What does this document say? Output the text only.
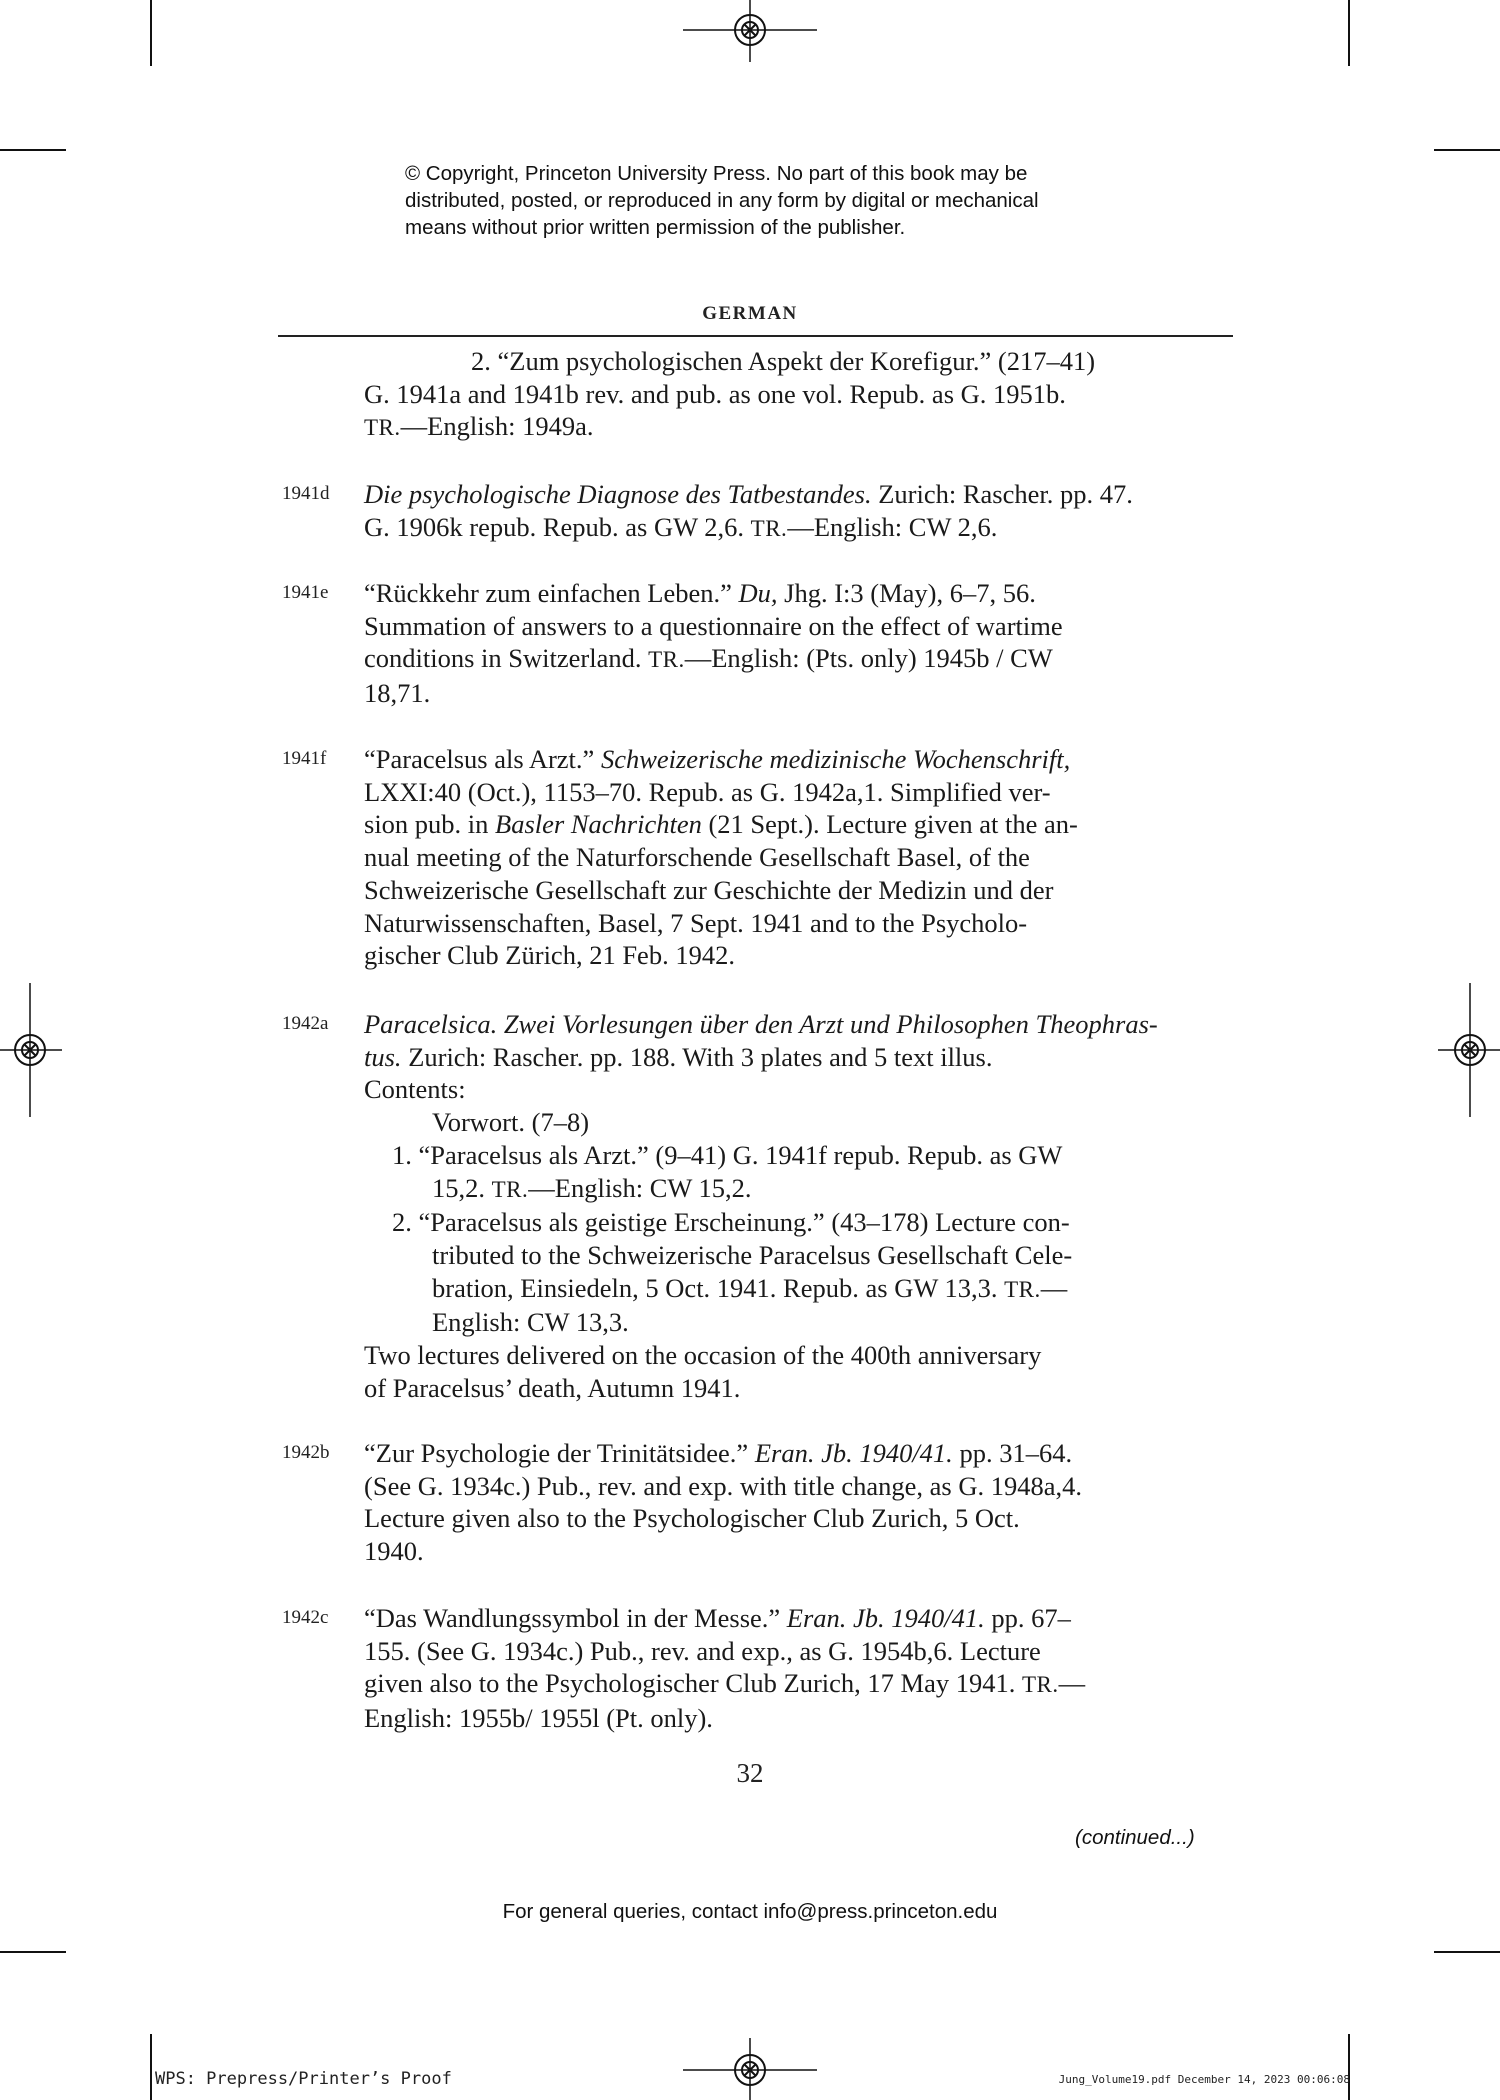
© Copyright, Princeton University Press. No part of this book may be
distributed, posted, or reproduced in any form by digital or mechanical
means without prior written permission of the publisher.
GERMAN
2. “Zum psychologischen Aspekt der Korefigur.” (217–41)
G. 1941a and 1941b rev. and pub. as one vol. Repub. as G. 1951b.
TR.—English: 1949a.
1941d Die psychologische Diagnose des Tatbestandes. Zurich: Rascher. pp. 47.
G. 1906k repub. Repub. as GW 2,6. TR.—English: CW 2,6.
1941e “Rückkehr zum einfachen Leben.” Du, Jhg. I:3 (May), 6–7, 56.
Summation of answers to a questionnaire on the effect of wartime
conditions in Switzerland. TR.—English: (Pts. only) 1945b / CW
18,71.
1941f “Paracelsus als Arzt.” Schweizerische medizinische Wochenschrift,
LXXI:40 (Oct.), 1153–70. Repub. as G. 1942a,1. Simplified ver-
sion pub. in Basler Nachrichten (21 Sept.). Lecture given at the an-
nual meeting of the Naturforschende Gesellschaft Basel, of the
Schweizerische Gesellschaft zur Geschichte der Medizin und der
Naturwissenschaften, Basel, 7 Sept. 1941 and to the Psycholo-
gischer Club Zürich, 21 Feb. 1942.
1942a Paracelsica. Zwei Vorlesungen über den Arzt und Philosophen Theophras-
tus. Zurich: Rascher. pp. 188. With 3 plates and 5 text illus.
Contents:
Vorwort. (7–8)
1. “Paracelsus als Arzt.” (9–41) G. 1941f repub. Repub. as GW
15,2. TR.—English: CW 15,2.
2. “Paracelsus als geistige Erscheinung.” (43–178) Lecture con-
tributed to the Schweizerische Paracelsus Gesellschaft Cele-
bration, Einsiedeln, 5 Oct. 1941. Repub. as GW 13,3. TR.—
English: CW 13,3.
Two lectures delivered on the occasion of the 400th anniversary
of Paracelsus’ death, Autumn 1941.
1942b “Zur Psychologie der Trinitätsidee.” Eran. Jb. 1940/41. pp. 31–64.
(See G. 1934c.) Pub., rev. and exp. with title change, as G. 1948a,4.
Lecture given also to the Psychologischer Club Zurich, 5 Oct.
1940.
1942c “Das Wandlungssymbol in der Messe.” Eran. Jb. 1940/41. pp. 67–
155. (See G. 1934c.) Pub., rev. and exp., as G. 1954b,6. Lecture
given also to the Psychologischer Club Zurich, 17 May 1941. TR.—
English: 1955b/ 1955l (Pt. only).
32
(continued...)
For general queries, contact info@press.princeton.edu
WPS: Prepress/Printer’s Proof	Jung_Volume19.pdf December 14, 2023 00:06:08
